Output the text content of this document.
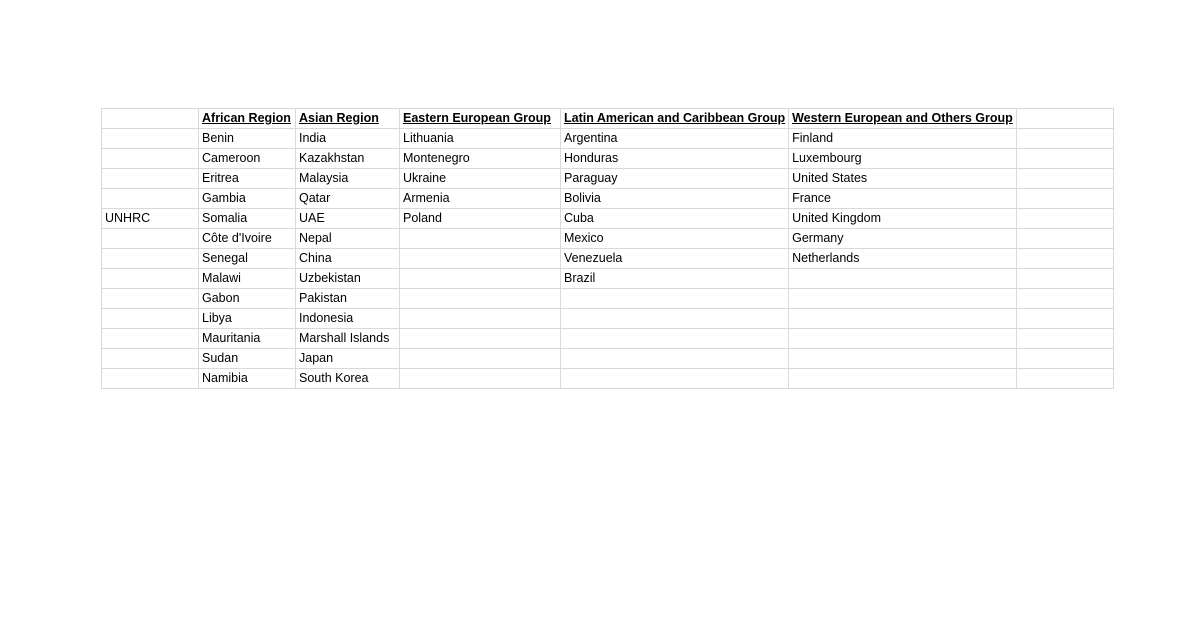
	African Region	Asian Region	Eastern European Group	Latin American and Caribbean Group	Western European and Others Group	
	Benin	India	Lithuania	Argentina	Finland	
	Cameroon	Kazakhstan	Montenegro	Honduras	Luxembourg	
	Eritrea	Malaysia	Ukraine	Paraguay	United States	
	Gambia	Qatar	Armenia	Bolivia	France	
UNHRC	Somalia	UAE	Poland	Cuba	United Kingdom	
	Côte d'Ivoire	Nepal		Mexico	Germany	
	Senegal	China		Venezuela	Netherlands	
	Malawi	Uzbekistan		Brazil		
	Gabon	Pakistan				
	Libya	Indonesia				
	Mauritania	Marshall Islands				
	Sudan	Japan				
	Namibia	South Korea				
